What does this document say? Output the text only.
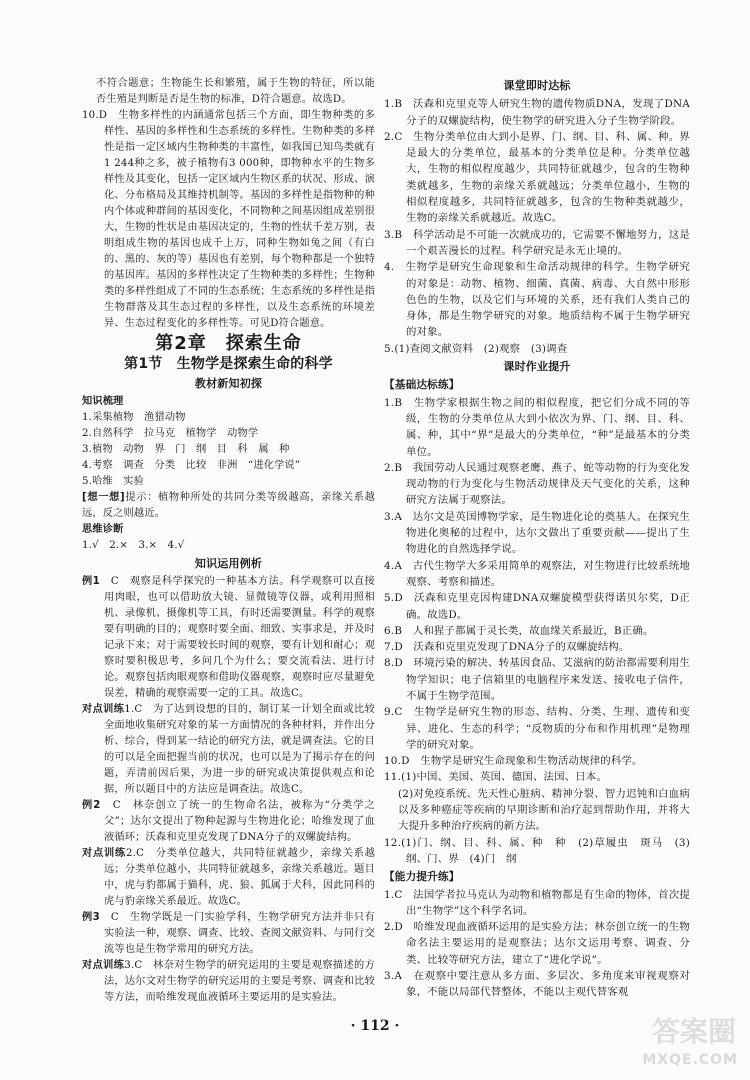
不符合题意；生物能生长和繁殖，属于生物的特征，所以能否生殖是判断是否是生物的标准，D符合题意。故选D。

10.D　生物多样性的内涵通常包括三个方面，即生物种类的多样性、基因的多样性和生态系统的多样性。生物种类的多样性是指一定区域内生物种类的丰富性，如我国已知鸟类就有1 244种之多，被子植物有3 000种，即物种水平的生物多样性及其变化，包括一定区域内生物区系的状况、形成、演化、分布格局及其维持机制等。基因的多样性是指物种的种内个体或种群间的基因变化，不同物种之间基因组成差别很大，生物的性状是由基因决定的，生物的性状千差万别，表明组成生物的基因也成千上万，同种生物如兔之间（有白的、黑的、灰的等）基因也有差别，每个物种都是一个独特的基因库。基因的多样性决定了生物种类的多样性；生物种类的多样性组成了不同的生态系统；生态系统的多样性是指生物群落及其生态过程的多样性，以及生态系统的环境差异、生态过程变化的多样性等。可见D符合题意。

第2章　探索生命
第1节　生物学是探索生命的科学
教材新知初探
知识梳理

1.采集植物　渔猎动物

2.自然科学　拉马克　植物学　动物学

3.植物　动物　界　门　纲　目　科　属　种

4.考察　调查　分类　比较　非洲　“进化学说”

5.哈维　实验

[想一想]提示：植物种所处的共同分类等级越高，亲缘关系越远，反之则越近。

思维诊断

1.√　2.×　3.×　4.√

知识运用例析

例1　C　观察是科学探究的一种基本方法。科学观察可以直接用肉眼，也可以借助放大镜、显微镜等仪器，或利用照相机、录像机、摄像机等工具，有时还需要测量。科学的观察要有明确的目的；观察时要全面、细致、实事求是，并及时记录下来；对于需要较长时间的观察，要有计划和耐心；观察时要积极思考，多问几个为什么；要交流看法、进行讨论。观察包括肉眼观察和借助仪器观察，观察时应尽量避免误差，精确的观察需要一定的工具。故选C。

对点训练1.C　为了达到设想的目的，制订某一计划全面或比较全面地收集研究对象的某一方面情况的各种材料，并作出分析、综合，得到某一结论的研究方法，就是调查法。它的目的可以是全面把握当前的状况，也可以是为了揭示存在的问题，弄清前因后果，为进一步的研究或决策提供观点和论据，所以题目中的方法应是调查法。故选C。

例2　C　林奈创立了统一的生物命名法，被称为“分类学之父”；达尔文提出了物种起源与生物进化论；哈维发现了血液循环；沃森和克里克发现了DNA分子的双螺旋结构。

对点训练2.C　分类单位越大，共同特征就越少，亲缘关系越远；分类单位越小，共同特征就越多，亲缘关系越近。题目中，虎与豹都属于猫科，虎、狼、狐属于犬科，因此同科的虎与豹亲缘关系最近。故选C。

例3　C　生物学既是一门实验学科，生物学研究方法并非只有实验法一种，观察、调查、比较、查阅文献资料、与同行交流等也是生物学常用的研究方法。

对点训练3.C　林奈对生物学的研究运用的主要是观察描述的方法，达尔文对生物学的研究运用的主要是考察、调查和比较等方法，而哈维发现血液循环主要运用的是实验法。

课堂即时达标

1.B　沃森和克里克等人研究生物的遗传物质DNA，发现了DNA分子的双螺旋结构，使生物学的研究进入分子生物学阶段。

2.C　生物分类单位由大到小是界、门、纲、目、科、属、种。界是最大的分类单位，最基本的分类单位是种。分类单位越大，生物的相似程度越少，共同特征就越少，包含的生物种类就越多，生物的亲缘关系就越远；分类单位越小，生物的相似程度越多，共同特征就越多，包含的生物种类就越少，生物的亲缘关系就越近。故选C。

3.B　科学活动是不可能一次就成功的，它需要不懈地努力，这是一个艰苦漫长的过程。科学研究是永无止境的。

4.　生物学是研究生命现象和生命活动规律的科学。生物学研究的对象是：动物、植物、细菌、真菌、病毒、大自然中形形色色的生物，以及它们与环境的关系，还有我们人类自己的身体，都是生物学研究的对象。地质结构不属于生物学研究的对象。

5.(1)查阅文献资料　(2)观察　(3)调查

课时作业提升
【基础达标练】

1.B　生物学家根据生物之间的相似程度，把它们分成不同的等级，生物的分类单位从大到小依次为界、门、纲、目、科、属、种，其中“界”是最大的分类单位，“种”是最基本的分类单位。

2.B　我国劳动人民通过观察老鹰、燕子、蛇等动物的行为变化发现动物的行为变化与生物活动规律及天气变化的关系，这种研究方法属于观察法。

3.A　达尔文是英国博物学家，是生物进化论的奠基人。在探究生物进化奥秘的过程中，达尔文做出了重要贡献——提出了生物进化的自然选择学说。

4.A　古代生物学大多采用简单的观察法，对生物进行比较系统地观察、考察和描述。

5.D　沃森和克里克因构建DNA双螺旋模型获得诺贝尔奖，D正确。故选D。

6.B　人和猩子都属于灵长类，故血缘关系最近，B正确。

7.D　沃森和克里克发现了DNA分子的双螺旋结构。

8.D　环境污染的解决、转基因食品、艾滋病的防治都需要利用生物学知识；电子信箱里的电脑程序来发送、接收电子信件，不属于生物学范围。

9.C　生物学是研究生物的形态、结构、分类、生理、遗传和变异、进化、生态的科学；“反物质的分布和作用机理”是物理学的研究对象。

10.D　生物学是研究生命现象和生物活动规律的科学。

11.(1)中国、美国、英国、德国、法国、日本。

(2)对免疫系统、先天性心脏病、精神分裂、智力迟钝和白血病以及多种癌症等疾病的早期诊断和治疗起到帮助作用，并将大大提升多种治疗疾病的新方法。

12.(1)门、纲、目、科、属、种　种　(2)草履虫　斑马　(3)纲、门、界　(4)门　纲

【能力提升练】

1.C　法国学者拉马克认为动物和植物都是有生命的物体，首次提出“生物学”这个科学名词。

2.D　哈维发现血液循环运用的是实验方法；林奈创立统一的生物命名法主要运用的是观察法；达尔文运用考察、调查、分类、比较等研究方法，建立了“进化学说”。

3.A　在观察中要注意从多方面、多层次、多角度来审视观察对象，不能以局部代替整体，不能以主观代替客观

· 112 ·	答案圈
MXQE.COM
